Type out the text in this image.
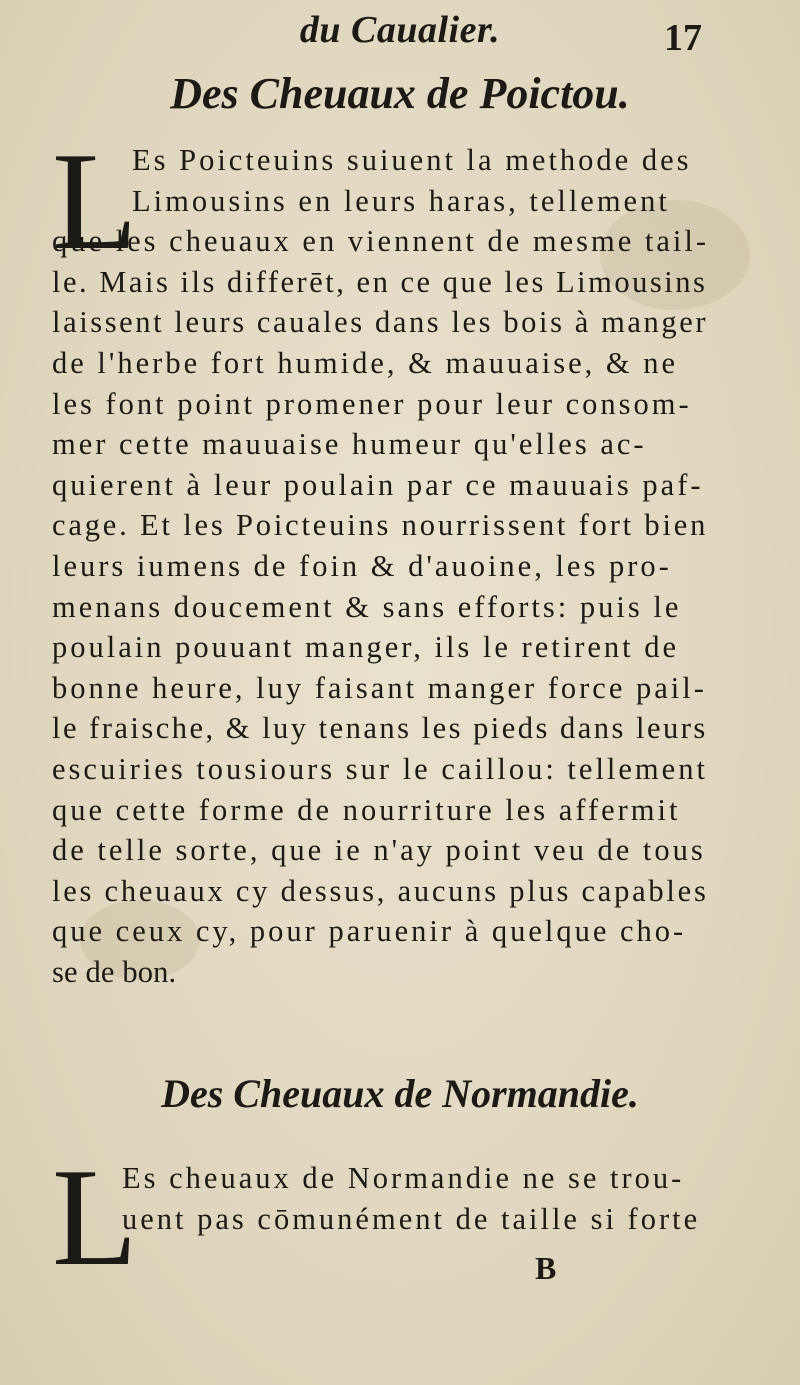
du Caualier.	17
Des Cheuaux de Poictou.
L
Es Poicteuins suiuent la methode des
Limousins en leurs haras, tellement
que les cheuaux en viennent de mesme tail-
le. Mais ils differēt, en ce que les Limousins
laissent leurs cauales dans les bois à manger
de l'herbe fort humide, & mauuaise, & ne
les font point promener pour leur consom-
mer cette mauuaise humeur qu'elles ac-
quierent à leur poulain par ce mauuais paf-
cage. Et les Poicteuins nourrissent fort bien
leurs iumens de foin & d'auoine, les pro-
menans doucement & sans efforts: puis le
poulain pouuant manger, ils le retirent de
bonne heure, luy faisant manger force pail-
le fraische, & luy tenans les pieds dans leurs
escuiries tousiours sur le caillou: tellement
que cette forme de nourriture les affermit
de telle sorte, que ie n'ay point veu de tous
les cheuaux cy dessus, aucuns plus capables
que ceux cy, pour paruenir à quelque cho-
se de bon.
Des Cheuaux de Normandie.
L
Es cheuaux de Normandie ne se trou-
uent pas cōmunément de taille si forte
B
